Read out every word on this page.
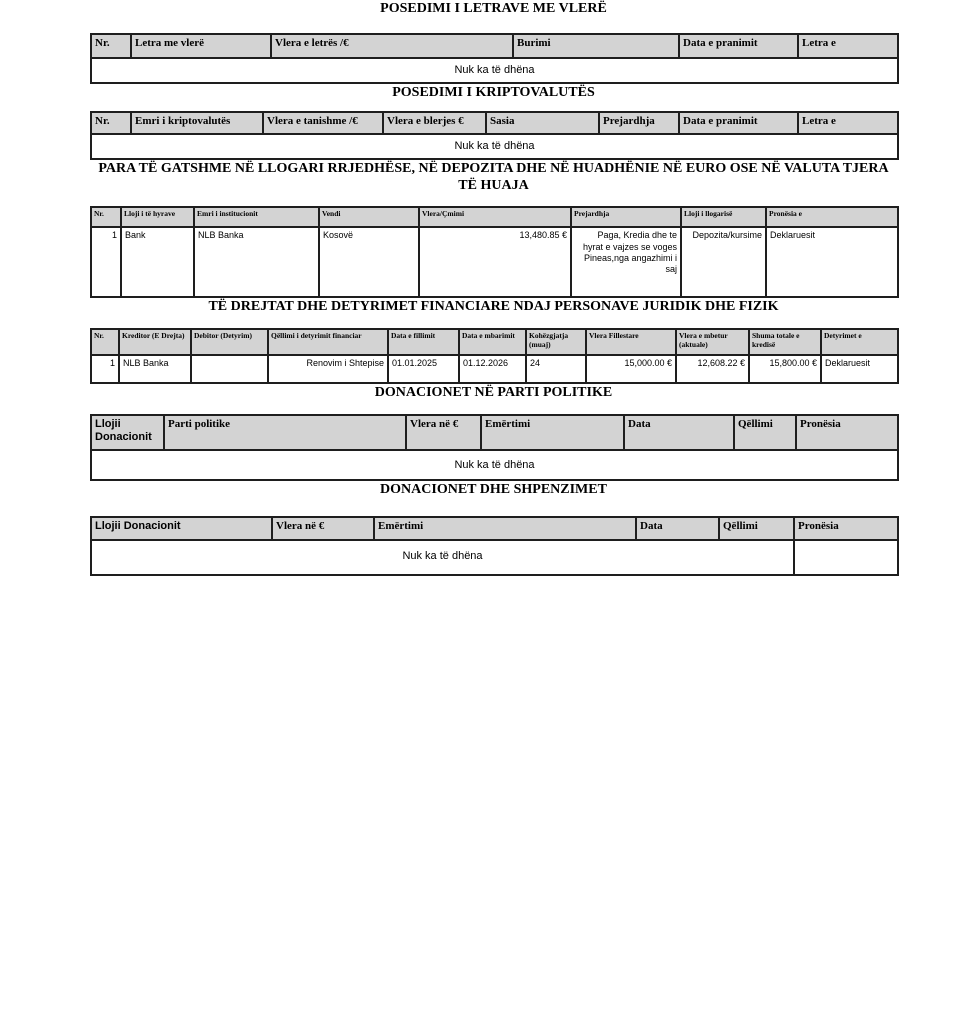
POSEDIMI I LETRAVE ME VLERË
Nr.	Letra me vlerë	Vlera e letrës /€	Burimi	Data e pranimit	Letra e
Nuk ka të dhëna
POSEDIMI I KRIPTOVALUTËS
Nr.	Emri i kriptovalutës	Vlera e tanishme /€	Vlera e blerjes €	Sasia	Prejardhja	Data e pranimit	Letra e
Nuk ka të dhëna
PARA TË GATSHME NË LLOGARI RRJEDHËSE, NË DEPOZITA DHE NË HUADHËNIE NË EURO OSE NË VALUTA TJERA TË HUAJA
Nr.	Lloji i të hyrave	Emri i institucionit	Vendi	Vlera/Çmimi	Prejardhja	Lloji i llogarisë	Pronësia e
1	Bank	NLB Banka	Kosovë	13,480.85 €	Paga, Kredia dhe te hyrat e vajzes se voges Pineas,nga angazhimi i saj	Depozita/kursime	Deklaruesit
TË DREJTAT DHE DETYRIMET FINANCIARE NDAJ PERSONAVE JURIDIK DHE FIZIK
Nr.	Kreditor (E Drejta)	Debitor (Detyrim)	Qëllimi i detyrimit financiar	Data e fillimit	Data e mbarimit	Kohëzgjatja (muaj)	Vlera Fillestare	Vlera e mbetur (aktuale)	Shuma totale e kredisë	Detyrimet e
1	NLB Banka		Renovim i Shtepise	01.01.2025	01.12.2026	24	15,000.00 €	12,608.22 €	15,800.00 €	Deklaruesit
DONACIONET NË PARTI POLITIKE
Llojii Donacionit	Parti politike	Vlera në €	Emërtimi	Data	Qëllimi	Pronësia
Nuk ka të dhëna
DONACIONET DHE SHPENZIMET
Llojii Donacionit	Vlera në €	Emërtimi	Data	Qëllimi	Pronësia
Nuk ka të dhëna					
